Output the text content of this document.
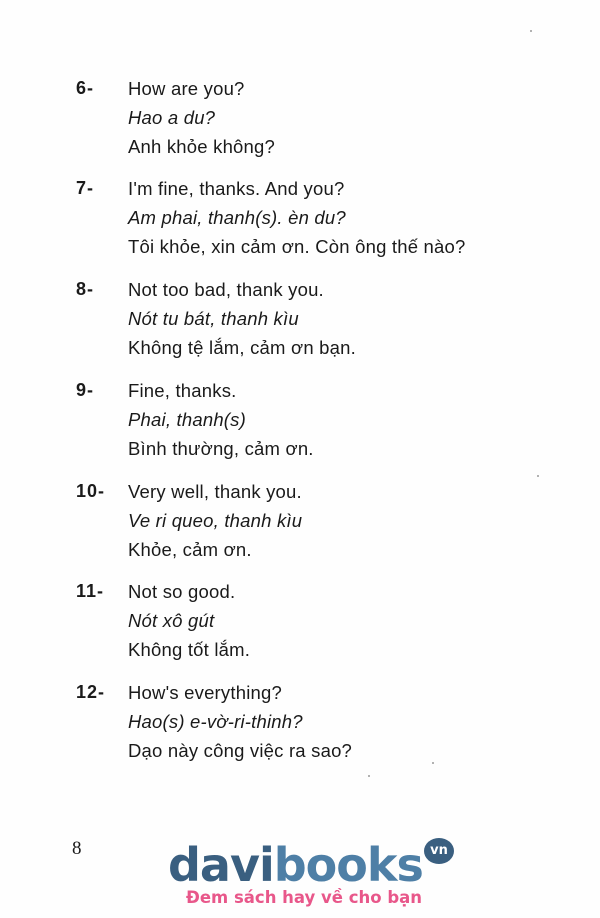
6- How are you?
Hao a du?
Anh khỏe không?
7- I'm fine, thanks. And you?
Am phai, thanh(s). èn du?
Tôi khỏe, xin cảm ơn. Còn ông thế nào?
8- Not too bad, thank you.
Nót tu bát, thanh kìu
Không tệ lắm, cảm ơn bạn.
9- Fine, thanks.
Phai, thanh(s)
Bình thường, cảm ơn.
10- Very well, thank you.
Ve ri queo, thanh kìu
Khỏe, cảm ơn.
11- Not so good.
Nót xô gút
Không tốt lắm.
12- How's everything?
Hao(s) e-vờ-ri-thinh?
Dạo này công việc ra sao?
8 davibooks vn
Đem sách hay về cho bạn
